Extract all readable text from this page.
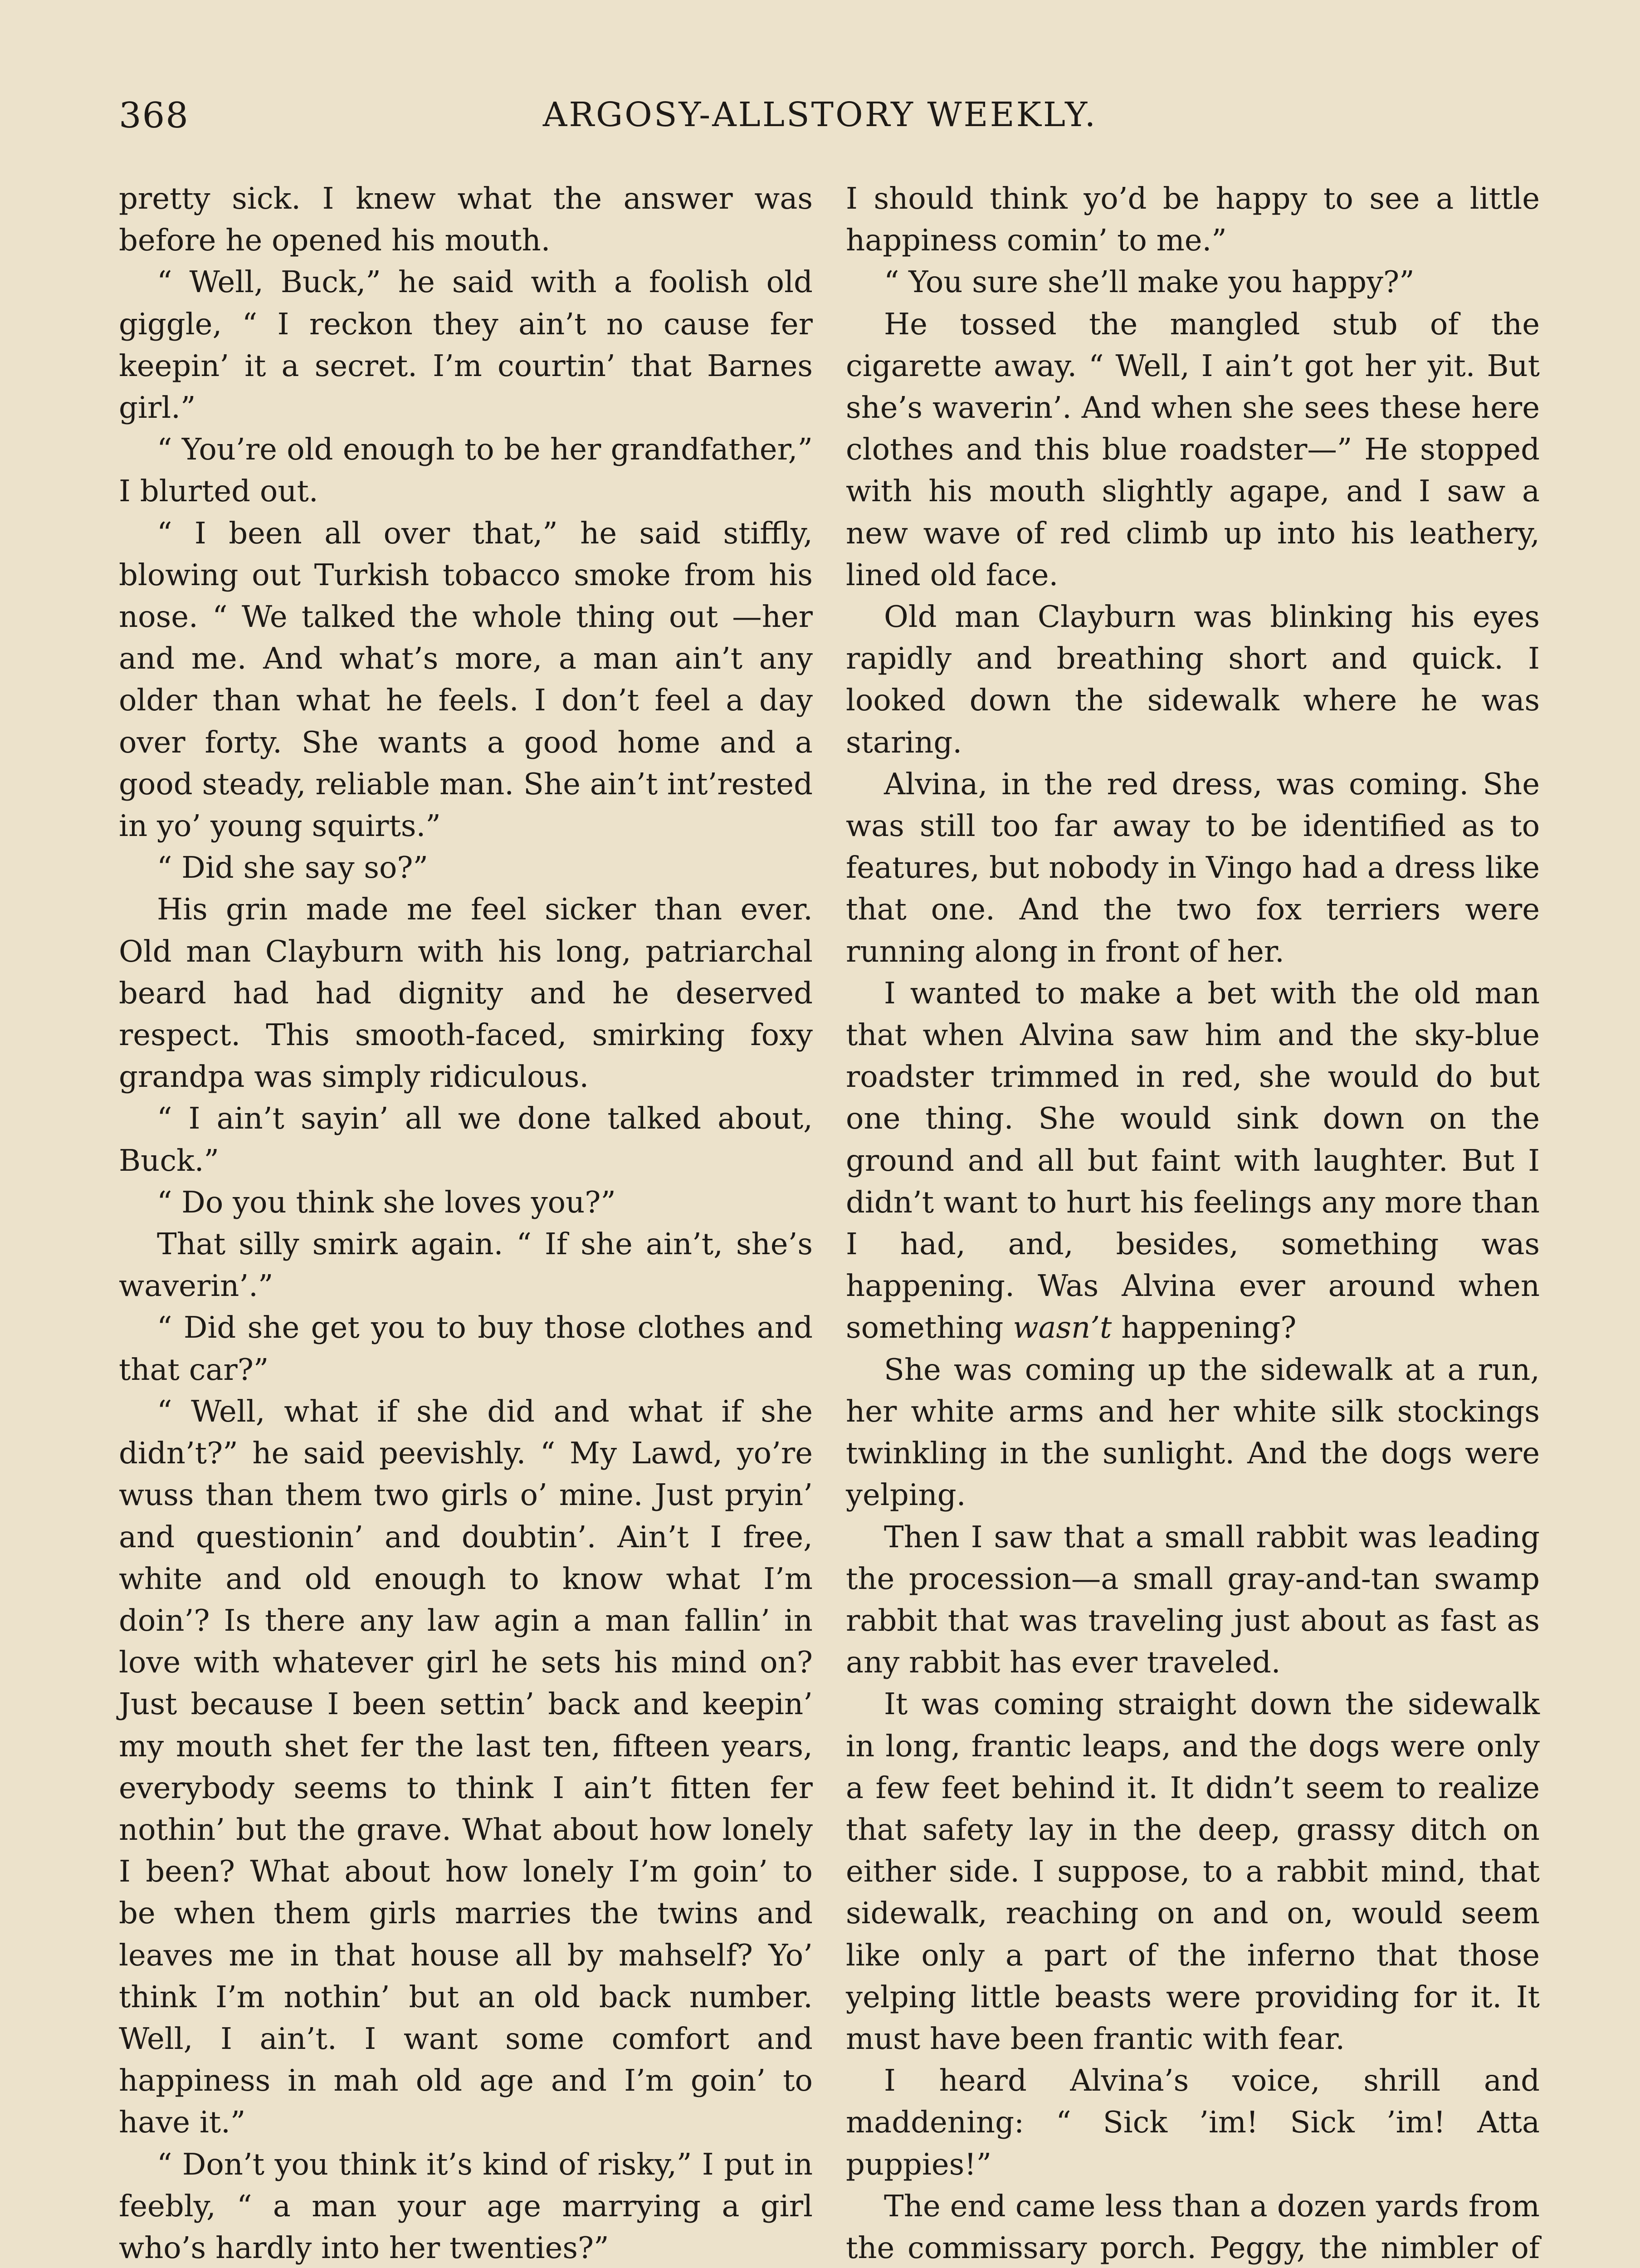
368	ARGOSY-ALLSTORY WEEKLY.

pretty sick. I knew what the answer was before he opened his mouth.

“ Well, Buck,” he said with a foolish old giggle, “ I reckon they ain’t no cause fer keepin’ it a secret. I’m courtin’ that Barnes girl.”

“ You’re old enough to be her grandfather,” I blurted out.

“ I been all over that,” he said stiffly, blowing out Turkish tobacco smoke from his nose. “ We talked the whole thing out —her and me. And what’s more, a man ain’t any older than what he feels. I don’t feel a day over forty. She wants a good home and a good steady, reliable man. She ain’t int’rested in yo’ young squirts.”

“ Did she say so?”

His grin made me feel sicker than ever. Old man Clayburn with his long, patriarchal beard had had dignity and he deserved respect. This smooth-faced, smirking foxy grandpa was simply ridiculous.

“ I ain’t sayin’ all we done talked about, Buck.”

“ Do you think she loves you?”

That silly smirk again. “ If she ain’t, she’s waverin’.”

“ Did she get you to buy those clothes and that car?”

“ Well, what if she did and what if she didn’t?” he said peevishly. “ My Lawd, yo’re wuss than them two girls o’ mine. Just pryin’ and questionin’ and doubtin’. Ain’t I free, white and old enough to know what I’m doin’? Is there any law agin a man fallin’ in love with whatever girl he sets his mind on? Just because I been settin’ back and keepin’ my mouth shet fer the last ten, fifteen years, everybody seems to think I ain’t fitten fer nothin’ but the grave. What about how lonely I been? What about how lonely I’m goin’ to be when them girls marries the twins and leaves me in that house all by mahself? Yo’ think I’m nothin’ but an old back number. Well, I ain’t. I want some comfort and happiness in mah old age and I’m goin’ to have it.”

“ Don’t you think it’s kind of risky,” I put in feebly, “ a man your age marrying a girl who’s hardly into her twenties?”

I should think yo’d be happy to see a little happiness comin’ to me.”

“ You sure she’ll make you happy?”

He tossed the mangled stub of the cigarette away. “ Well, I ain’t got her yit. But she’s waverin’. And when she sees these here clothes and this blue roadster—” He stopped with his mouth slightly agape, and I saw a new wave of red climb up into his leathery, lined old face.

Old man Clayburn was blinking his eyes rapidly and breathing short and quick. I looked down the sidewalk where he was staring.

Alvina, in the red dress, was coming. She was still too far away to be identified as to features, but nobody in Vingo had a dress like that one. And the two fox terriers were running along in front of her.

I wanted to make a bet with the old man that when Alvina saw him and the sky-blue roadster trimmed in red, she would do but one thing. She would sink down on the ground and all but faint with laughter. But I didn’t want to hurt his feelings any more than I had, and, besides, something was happening. Was Alvina ever around when something wasn’t happening?

She was coming up the sidewalk at a run, her white arms and her white silk stockings twinkling in the sunlight. And the dogs were yelping.

Then I saw that a small rabbit was leading the procession—a small gray-and-tan swamp rabbit that was traveling just about as fast as any rabbit has ever traveled.

It was coming straight down the sidewalk in long, frantic leaps, and the dogs were only a few feet behind it. It didn’t seem to realize that safety lay in the deep, grassy ditch on either side. I suppose, to a rabbit mind, that sidewalk, reaching on and on, would seem like only a part of the inferno that those yelping little beasts were providing for it. It must have been frantic with fear.

I heard Alvina’s voice, shrill and maddening: “ Sick ’im! Sick ’im! Atta puppies!”

The end came less than a dozen yards from the commissary porch. Peggy, the nimbler of
